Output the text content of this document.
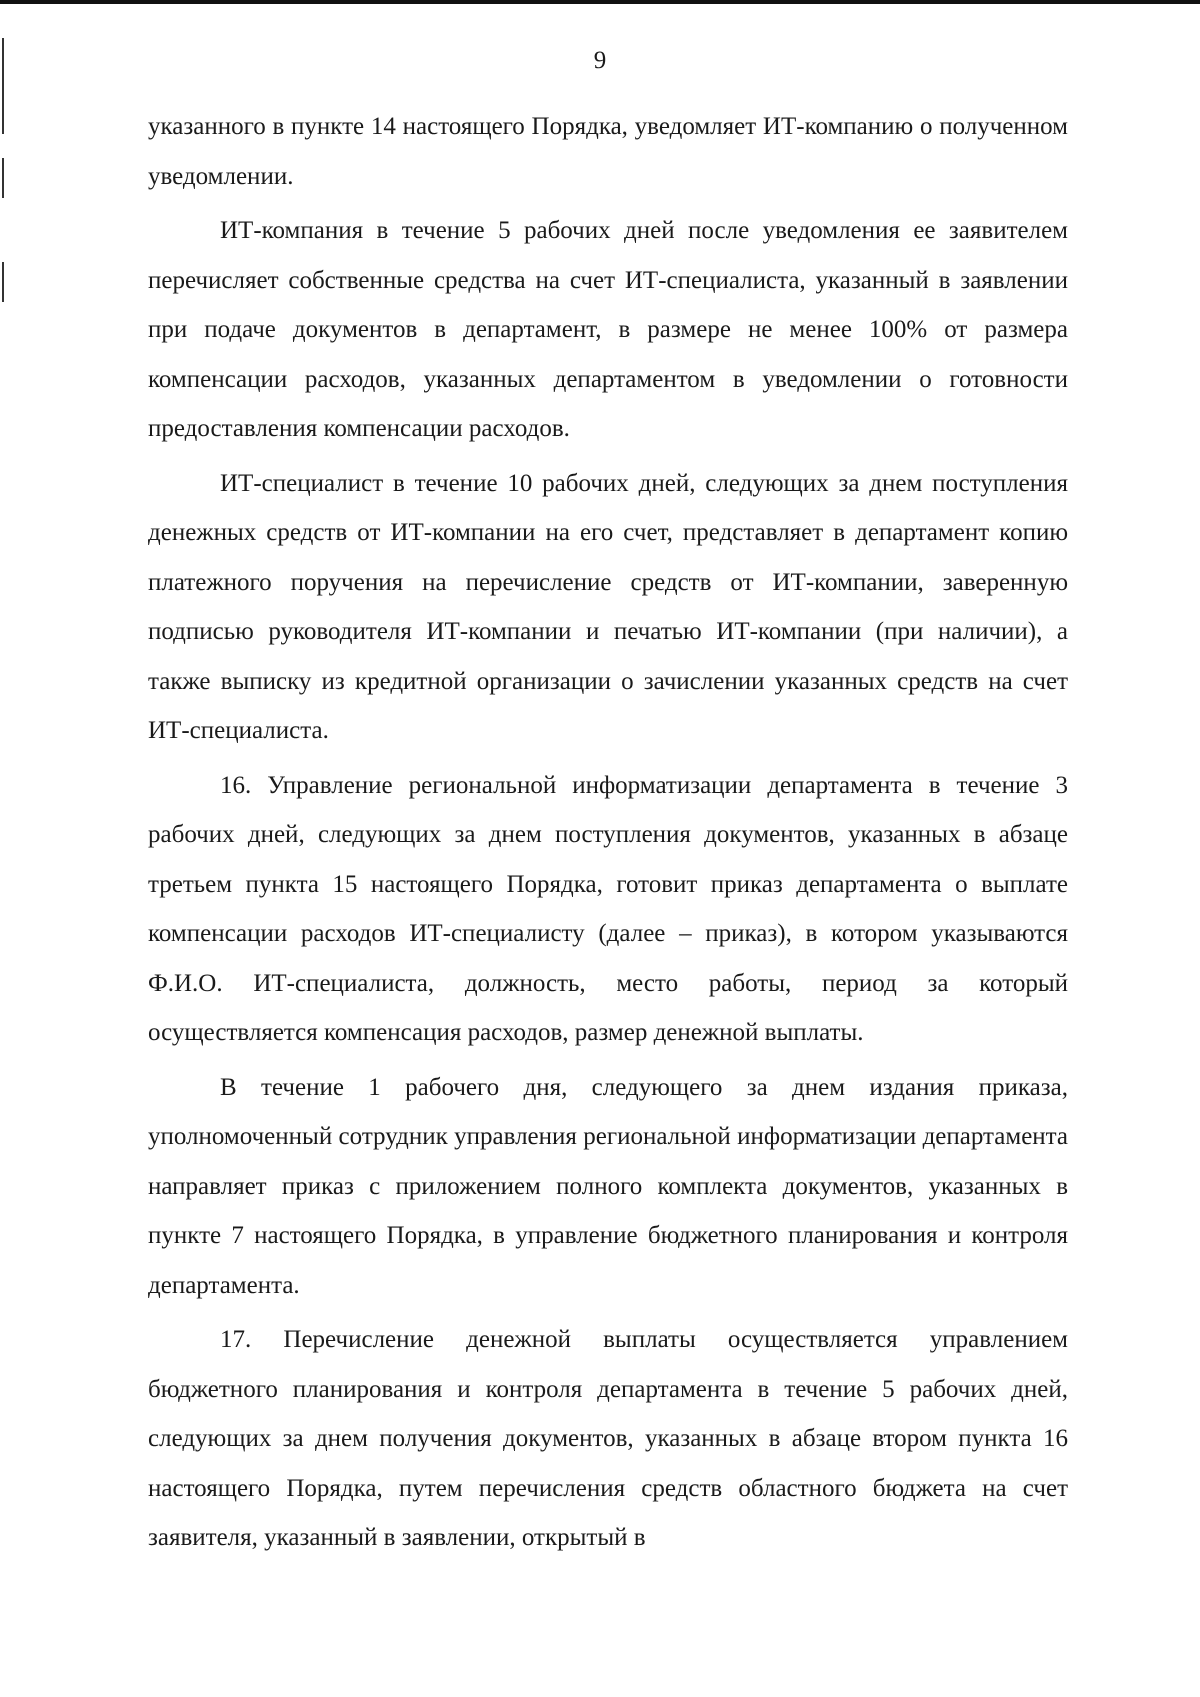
9

указанного в пункте 14 настоящего Порядка, уведомляет ИТ-компанию о полученном уведомлении.

ИТ-компания в течение 5 рабочих дней после уведомления ее заявителем перечисляет собственные средства на счет ИТ-специалиста, указанный в заявлении при подаче документов в департамент, в размере не менее 100% от размера компенсации расходов, указанных департаментом в уведомлении о готовности предоставления компенсации расходов.

ИТ-специалист в течение 10 рабочих дней, следующих за днем поступления денежных средств от ИТ-компании на его счет, представляет в департамент копию платежного поручения на перечисление средств от ИТ-компании, заверенную подписью руководителя ИТ-компании и печатью ИТ-компании (при наличии), а также выписку из кредитной организации о зачислении указанных средств на счет ИТ-специалиста.

16. Управление региональной информатизации департамента в течение 3 рабочих дней, следующих за днем поступления документов, указанных в абзаце третьем пункта 15 настоящего Порядка, готовит приказ департамента о выплате компенсации расходов ИТ-специалисту (далее – приказ), в котором указываются Ф.И.О. ИТ-специалиста, должность, место работы, период за который осуществляется компенсация расходов, размер денежной выплаты.

В течение 1 рабочего дня, следующего за днем издания приказа, уполномоченный сотрудник управления региональной информатизации департамента направляет приказ с приложением полного комплекта документов, указанных в пункте 7 настоящего Порядка, в управление бюджетного планирования и контроля департамента.

17. Перечисление денежной выплаты осуществляется управлением бюджетного планирования и контроля департамента в течение 5 рабочих дней, следующих за днем получения документов, указанных в абзаце втором пункта 16 настоящего Порядка, путем перечисления средств областного бюджета на счет заявителя, указанный в заявлении, открытый в
